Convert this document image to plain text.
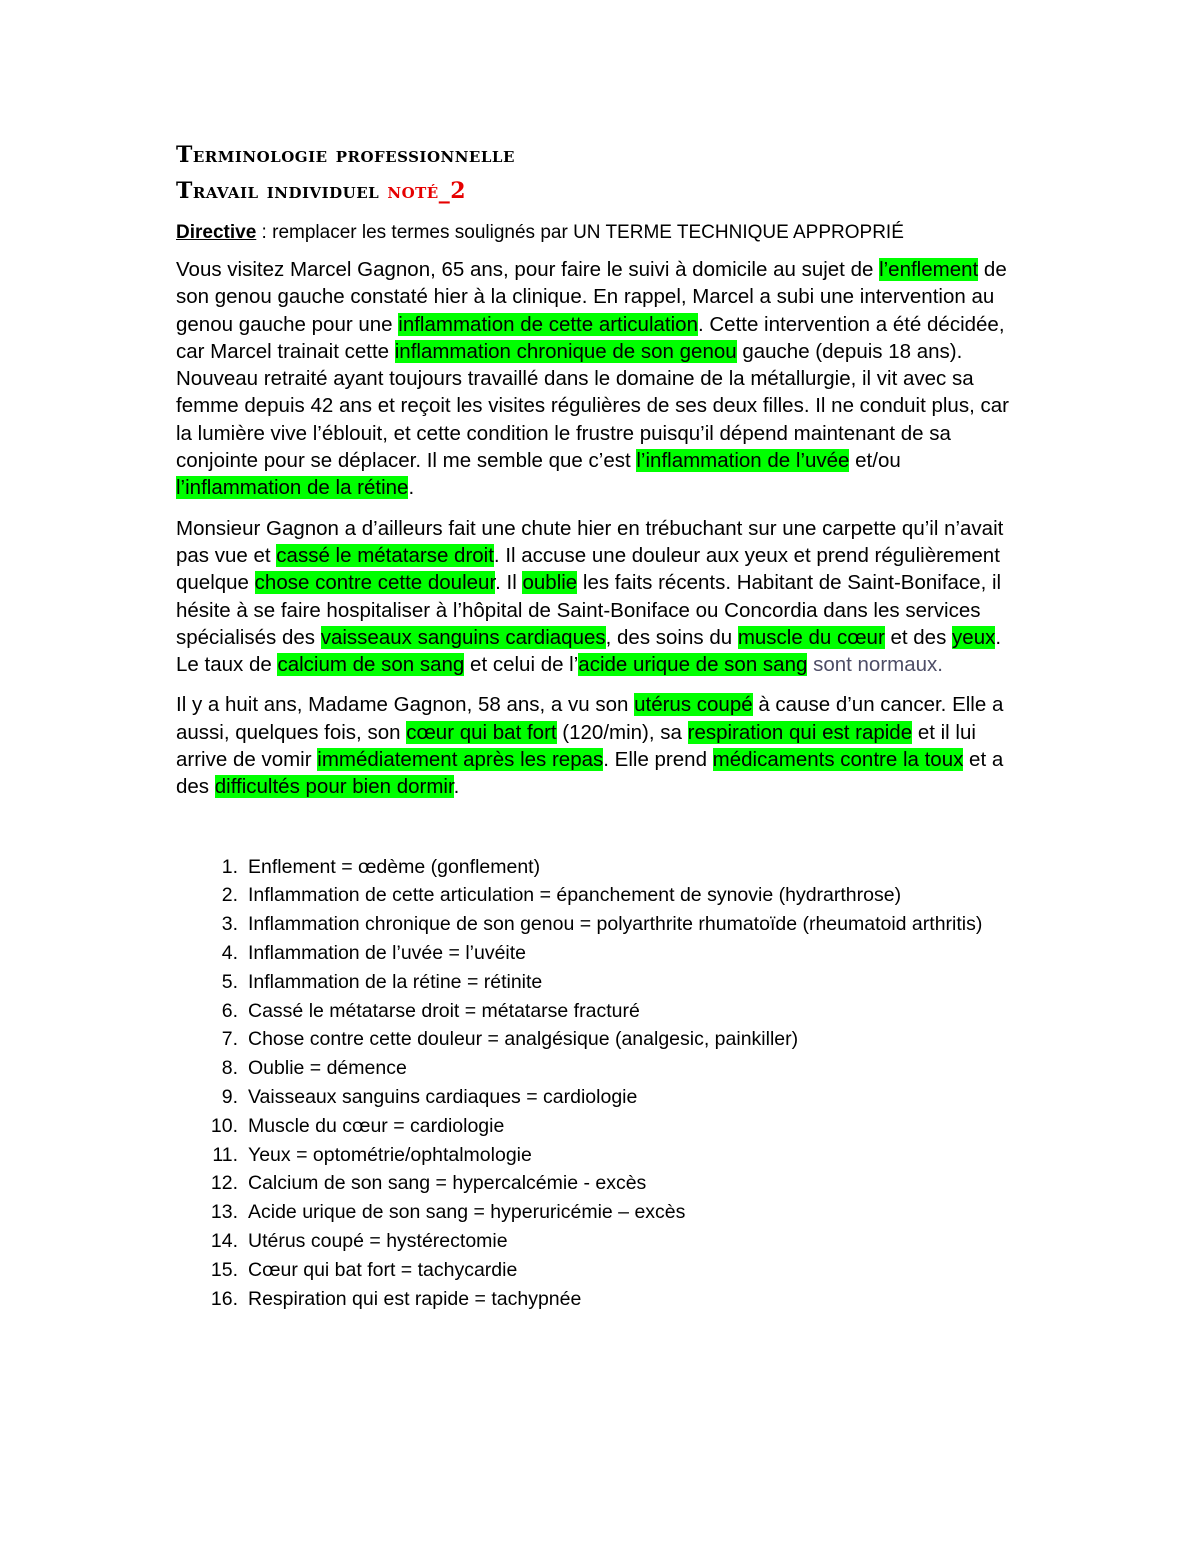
Terminologie professionnelle
Travail individuel noté_2

Directive : remplacer les termes soulignés par UN TERME TECHNIQUE APPROPRIÉ

Vous visitez Marcel Gagnon, 65 ans, pour faire le suivi à domicile au sujet de l’enflement de son genou gauche constaté hier à la clinique. En rappel, Marcel a subi une intervention au genou gauche pour une inflammation de cette articulation. Cette intervention a été décidée, car Marcel trainait cette inflammation chronique de son genou gauche (depuis 18 ans). Nouveau retraité ayant toujours travaillé dans le domaine de la métallurgie, il vit avec sa femme depuis 42 ans et reçoit les visites régulières de ses deux filles. Il ne conduit plus, car la lumière vive l’éblouit, et cette condition le frustre puisqu’il dépend maintenant de sa conjointe pour se déplacer. Il me semble que c’est l’inflammation de l’uvée et/ou l’inflammation de la rétine.

Monsieur Gagnon a d’ailleurs fait une chute hier en trébuchant sur une carpette qu’il n’avait pas vue et cassé le métatarse droit. Il accuse une douleur aux yeux et prend régulièrement quelque chose contre cette douleur. Il oublie les faits récents. Habitant de Saint-Boniface, il hésite à se faire hospitaliser à l’hôpital de Saint-Boniface ou Concordia dans les services spécialisés des vaisseaux sanguins cardiaques, des soins du muscle du cœur et des yeux. Le taux de calcium de son sang et celui de l’acide urique de son sang sont normaux.

Il y a huit ans, Madame Gagnon, 58 ans, a vu son utérus coupé à cause d’un cancer. Elle a aussi, quelques fois, son cœur qui bat fort (120/min), sa respiration qui est rapide et il lui arrive de vomir immédiatement après les repas. Elle prend médicaments contre la toux et a des difficultés pour bien dormir.

1. Enflement = œdème (gonflement)
2. Inflammation de cette articulation = épanchement de synovie (hydrarthrose)
3. Inflammation chronique de son genou = polyarthrite rhumatoïde (rheumatoid arthritis)
4. Inflammation de l’uvée = l’uvéite
5. Inflammation de la rétine = rétinite
6. Cassé le métatarse droit = métatarse fracturé
7. Chose contre cette douleur = analgésique (analgesic, painkiller)
8. Oublie = démence
9. Vaisseaux sanguins cardiaques = cardiologie
10. Muscle du cœur = cardiologie
11. Yeux = optométrie/ophtalmologie
12. Calcium de son sang = hypercalcémie - excès
13. Acide urique de son sang = hyperuricémie – excès
14. Utérus coupé = hystérectomie
15. Cœur qui bat fort = tachycardie
16. Respiration qui est rapide = tachypnée
